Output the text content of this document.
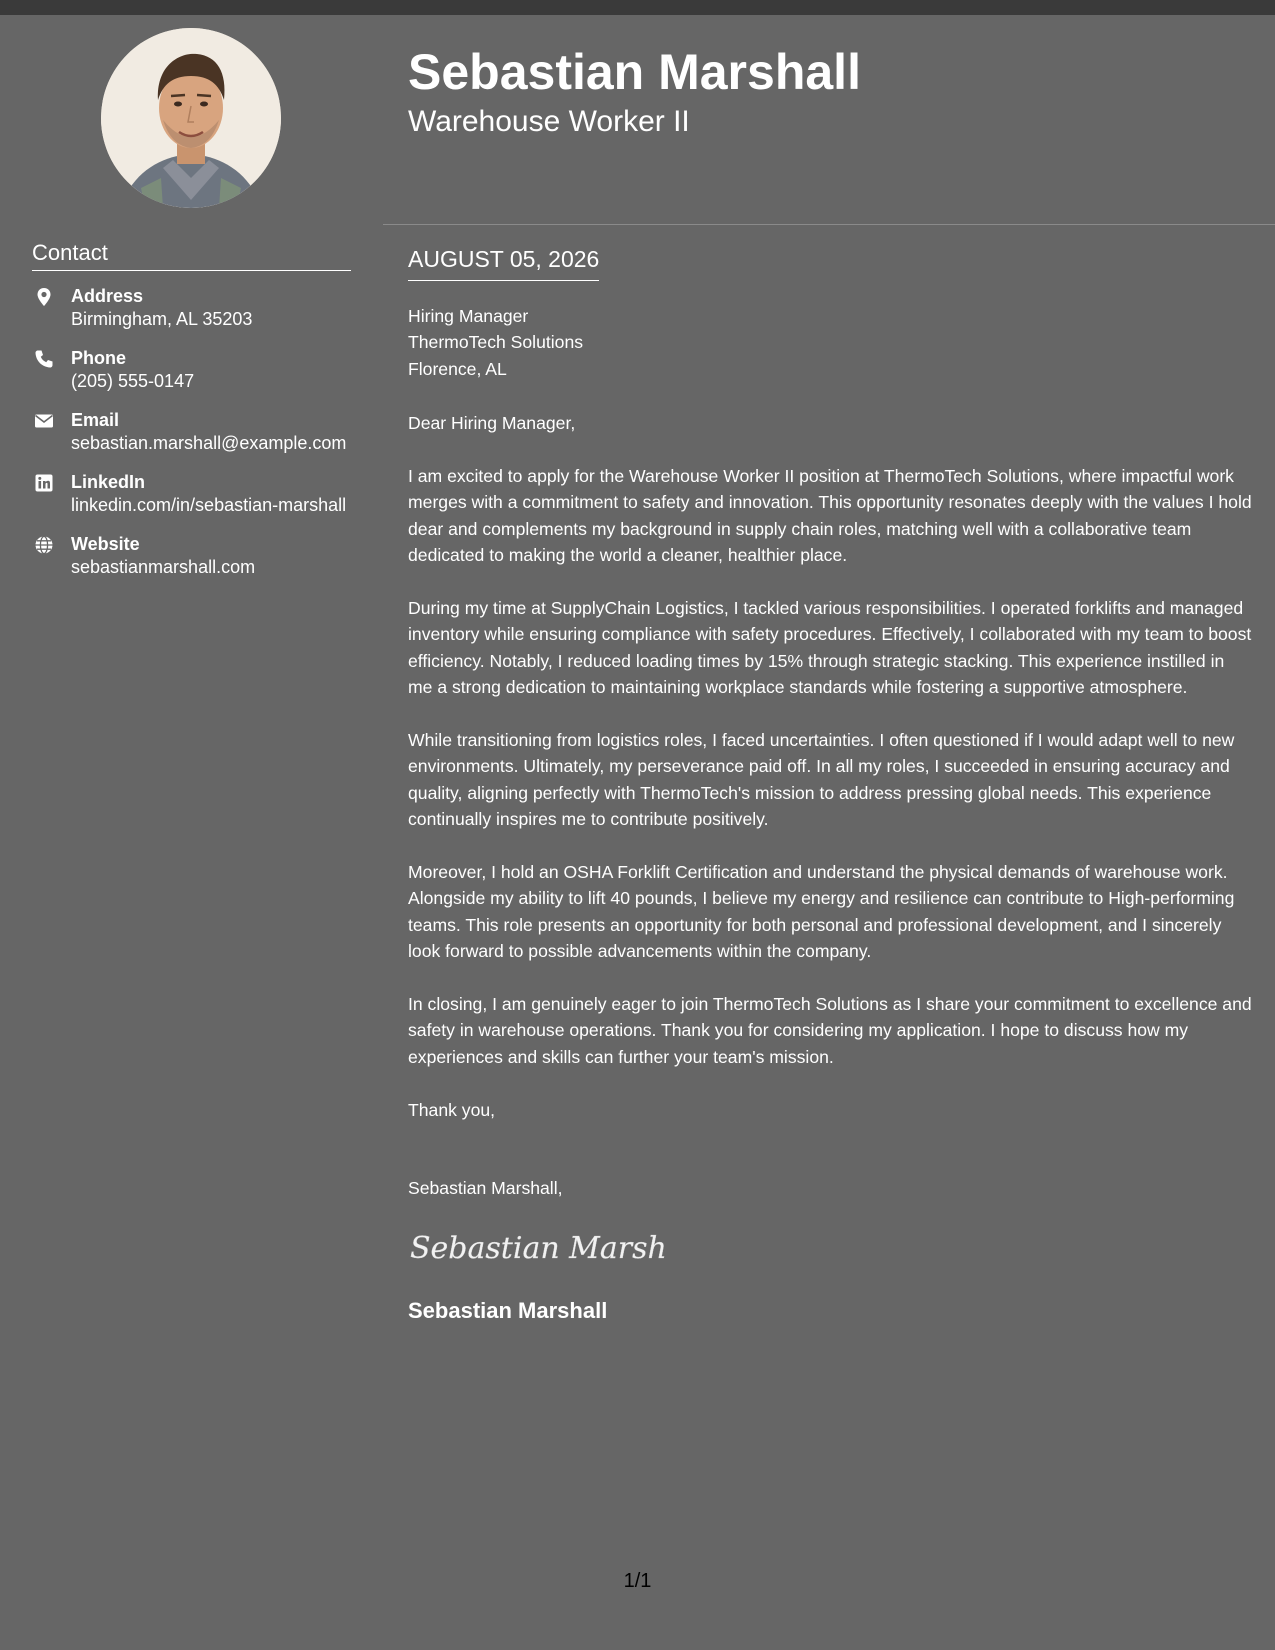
Sebastian Marshall
Warehouse Worker II
Contact
Address
Birmingham, AL 35203
Phone
(205) 555-0147
Email
sebastian.marshall@example.com
LinkedIn
linkedin.com/in/sebastian-marshall
Website
sebastianmarshall.com
AUGUST 05, 2026
Hiring Manager
ThermoTech Solutions
Florence, AL

Dear Hiring Manager,

I am excited to apply for the Warehouse Worker II position at ThermoTech Solutions, where impactful work merges with a commitment to safety and innovation. This opportunity resonates deeply with the values I hold dear and complements my background in supply chain roles, matching well with a collaborative team dedicated to making the world a cleaner, healthier place.

During my time at SupplyChain Logistics, I tackled various responsibilities. I operated forklifts and managed inventory while ensuring compliance with safety procedures. Effectively, I collaborated with my team to boost efficiency. Notably, I reduced loading times by 15% through strategic stacking. This experience instilled in me a strong dedication to maintaining workplace standards while fostering a supportive atmosphere.

While transitioning from logistics roles, I faced uncertainties. I often questioned if I would adapt well to new environments. Ultimately, my perseverance paid off. In all my roles, I succeeded in ensuring accuracy and quality, aligning perfectly with ThermoTech's mission to address pressing global needs. This experience continually inspires me to contribute positively.

Moreover, I hold an OSHA Forklift Certification and understand the physical demands of warehouse work. Alongside my ability to lift 40 pounds, I believe my energy and resilience can contribute to High-performing teams. This role presents an opportunity for both personal and professional development, and I sincerely look forward to possible advancements within the company.

In closing, I am genuinely eager to join ThermoTech Solutions as I share your commitment to excellence and safety in warehouse operations. Thank you for considering my application. I hope to discuss how my experiences and skills can further your team's mission.

Thank you,

Sebastian Marshall,

Sebastian Marsh
Sebastian Marshall
1/1
